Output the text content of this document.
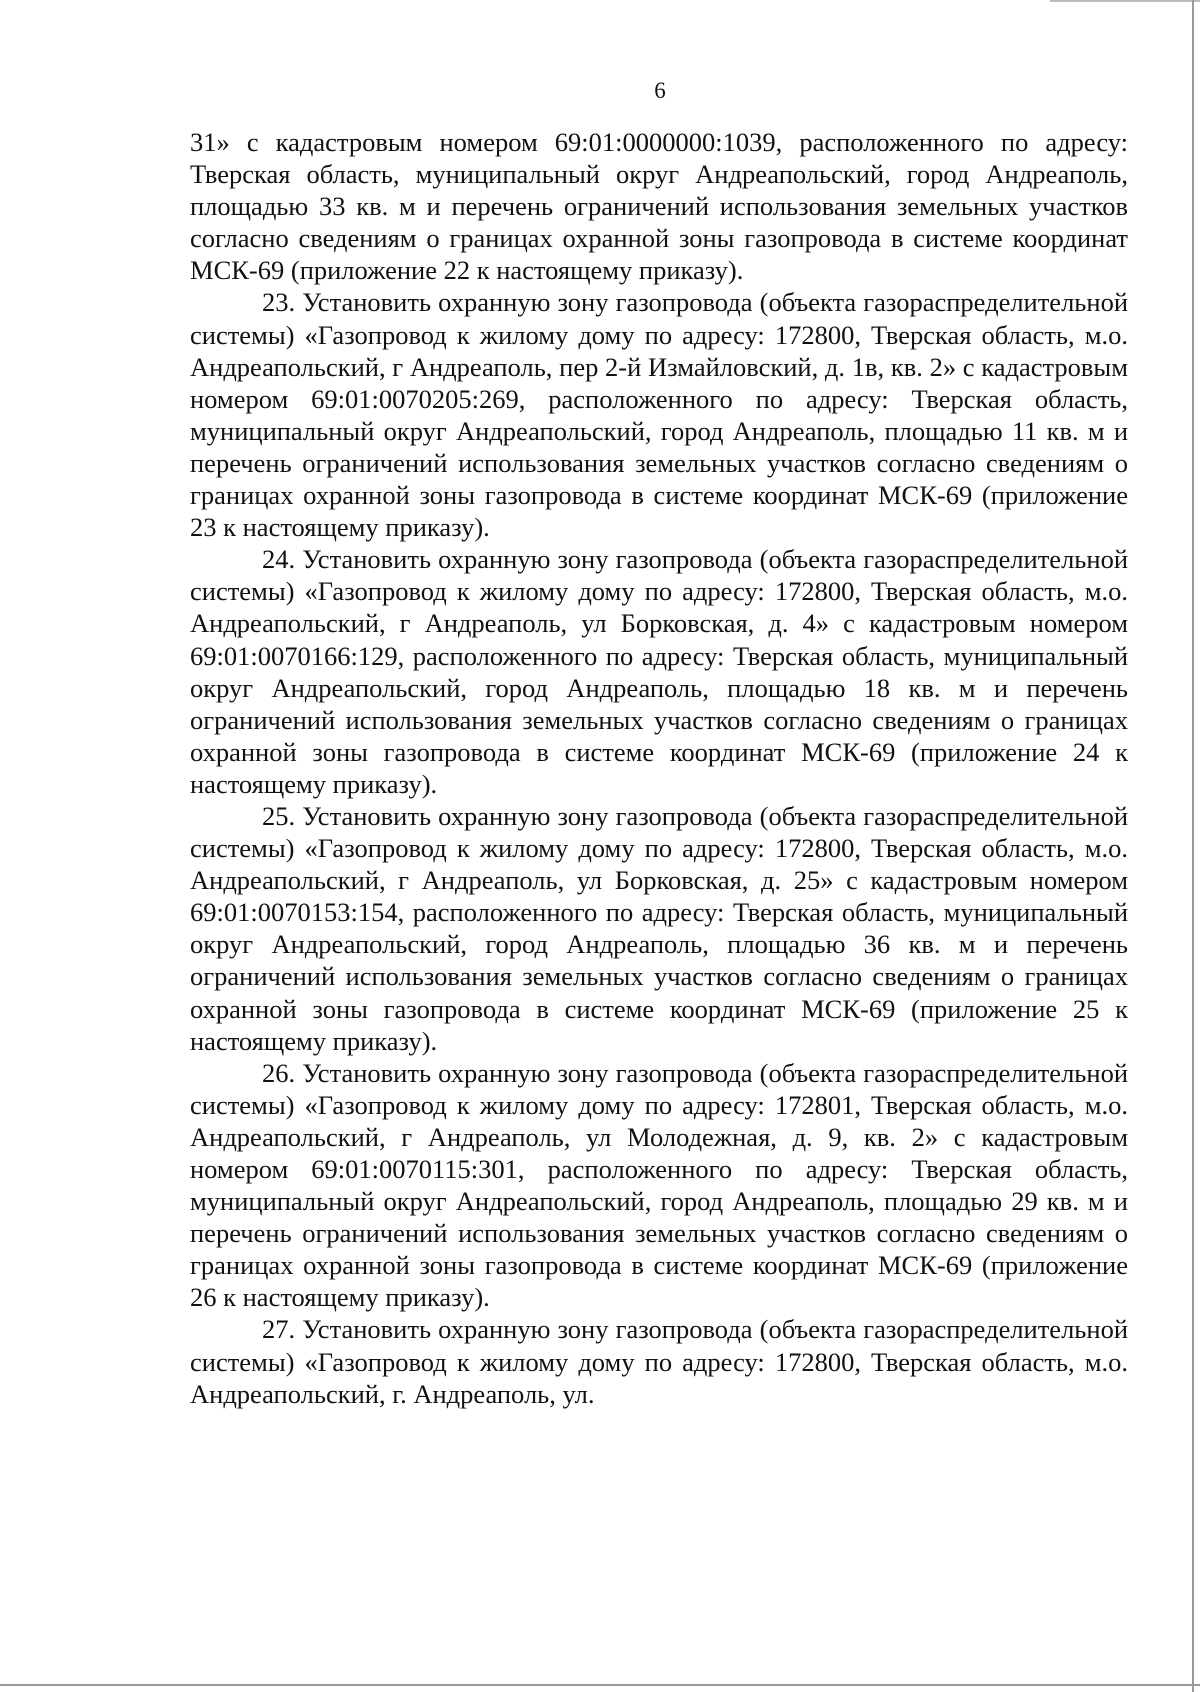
6

31» с кадастровым номером 69:01:0000000:1039, расположенного по адресу: Тверская область, муниципальный округ Андреапольский, город Андреаполь, площадью 33 кв. м и перечень ограничений использования земельных участков согласно сведениям о границах охранной зоны газопровода в системе координат МСК-69 (приложение 22 к настоящему приказу).

23. Установить охранную зону газопровода (объекта газораспределительной системы) «Газопровод к жилому дому по адресу: 172800, Тверская область, м.о. Андреапольский, г Андреаполь, пер 2-й Измайловский, д. 1в, кв. 2» с кадастровым номером 69:01:0070205:269, расположенного по адресу: Тверская область, муниципальный округ Андреапольский, город Андреаполь, площадью 11 кв. м и перечень ограничений использования земельных участков согласно сведениям о границах охранной зоны газопровода в системе координат МСК-69 (приложение 23 к настоящему приказу).

24. Установить охранную зону газопровода (объекта газораспределительной системы) «Газопровод к жилому дому по адресу: 172800, Тверская область, м.о. Андреапольский, г Андреаполь, ул Борковская, д. 4» с кадастровым номером 69:01:0070166:129, расположенного по адресу: Тверская область, муниципальный округ Андреапольский, город Андреаполь, площадью 18 кв. м и перечень ограничений использования земельных участков согласно сведениям о границах охранной зоны газопровода в системе координат МСК-69 (приложение 24 к настоящему приказу).

25. Установить охранную зону газопровода (объекта газораспределительной системы) «Газопровод к жилому дому по адресу: 172800, Тверская область, м.о. Андреапольский, г Андреаполь, ул Борковская, д. 25» с кадастровым номером 69:01:0070153:154, расположенного по адресу: Тверская область, муниципальный округ Андреапольский, город Андреаполь, площадью 36 кв. м и перечень ограничений использования земельных участков согласно сведениям о границах охранной зоны газопровода в системе координат МСК-69 (приложение 25 к настоящему приказу).

26. Установить охранную зону газопровода (объекта газораспределительной системы) «Газопровод к жилому дому по адресу: 172801, Тверская область, м.о. Андреапольский, г Андреаполь, ул Молодежная, д. 9, кв. 2» с кадастровым номером 69:01:0070115:301, расположенного по адресу: Тверская область, муниципальный округ Андреапольский, город Андреаполь, площадью 29 кв. м и перечень ограничений использования земельных участков согласно сведениям о границах охранной зоны газопровода в системе координат МСК-69 (приложение 26 к настоящему приказу).

27. Установить охранную зону газопровода (объекта газораспределительной системы) «Газопровод к жилому дому по адресу: 172800, Тверская область, м.о. Андреапольский, г. Андреаполь, ул.
